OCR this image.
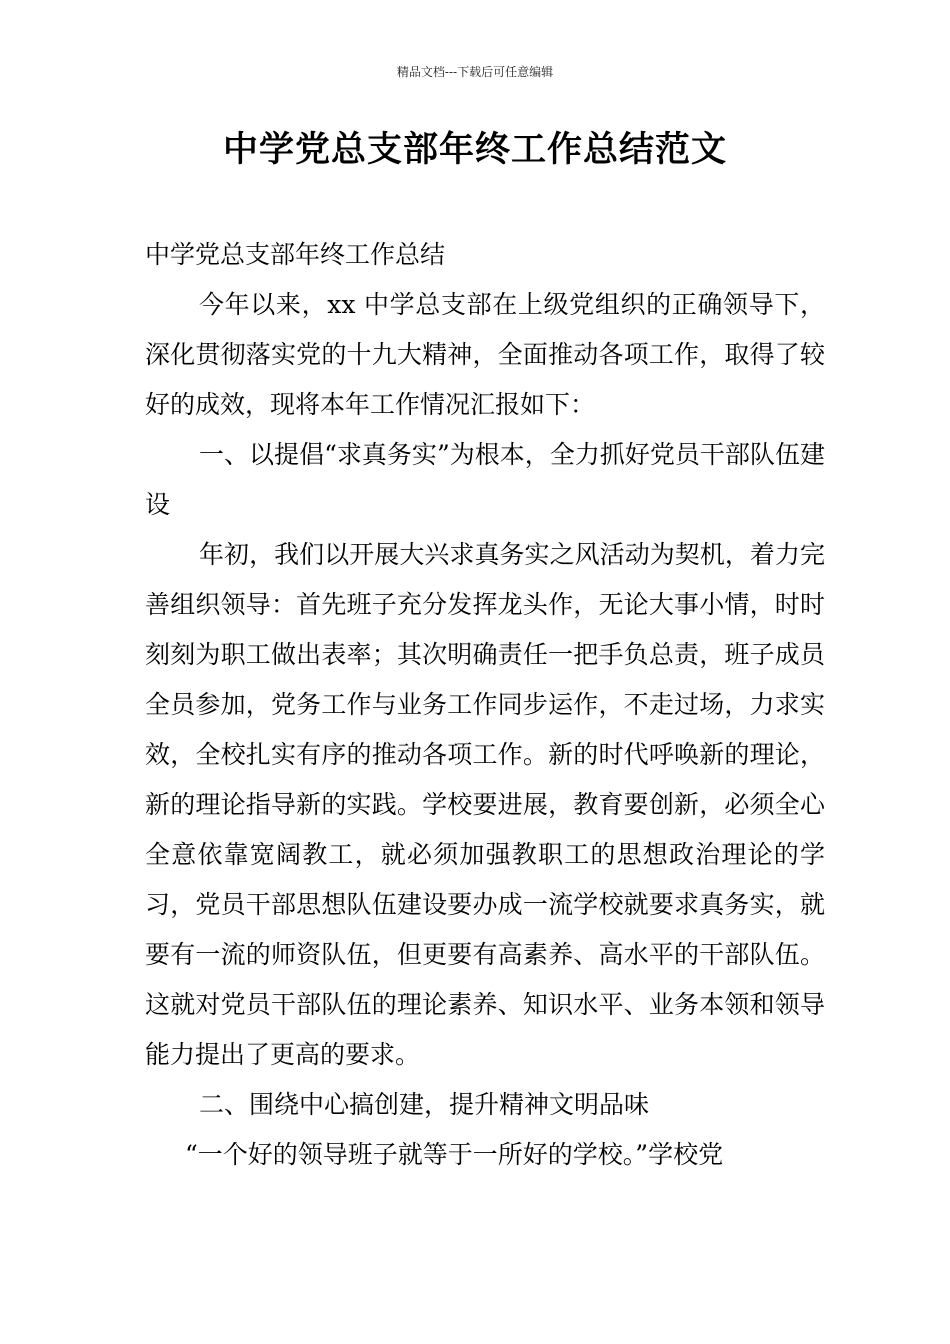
精品文档---下载后可任意编辑
中学党总支部年终工作总结范文

中学党总支部年终工作总结

今年以来，xx 中学总支部在上级党组织的正确领导下，深化贯彻落实党的十九大精神，全面推动各项工作，取得了较好的成效，现将本年工作情况汇报如下：

一、以提倡“求真务实”为根本，全力抓好党员干部队伍建设

年初，我们以开展大兴求真务实之风活动为契机，着力完善组织领导：首先班子充分发挥龙头作，无论大事小情，时时刻刻为职工做出表率；其次明确责任一把手负总责，班子成员全员参加，党务工作与业务工作同步运作，不走过场，力求实效，全校扎实有序的推动各项工作。新的时代呼唤新的理论，新的理论指导新的实践。学校要进展，教育要创新，必须全心全意依靠宽阔教工，就必须加强教职工的思想政治理论的学习，党员干部思想队伍建设要办成一流学校就要求真务实，就要有一流的师资队伍，但更要有高素养、高水平的干部队伍。这就对党员干部队伍的理论素养、知识水平、业务本领和领导能力提出了更高的要求。

二、围绕中心搞创建，提升精神文明品味

“一个好的领导班子就等于一所好的学校。”学校党
